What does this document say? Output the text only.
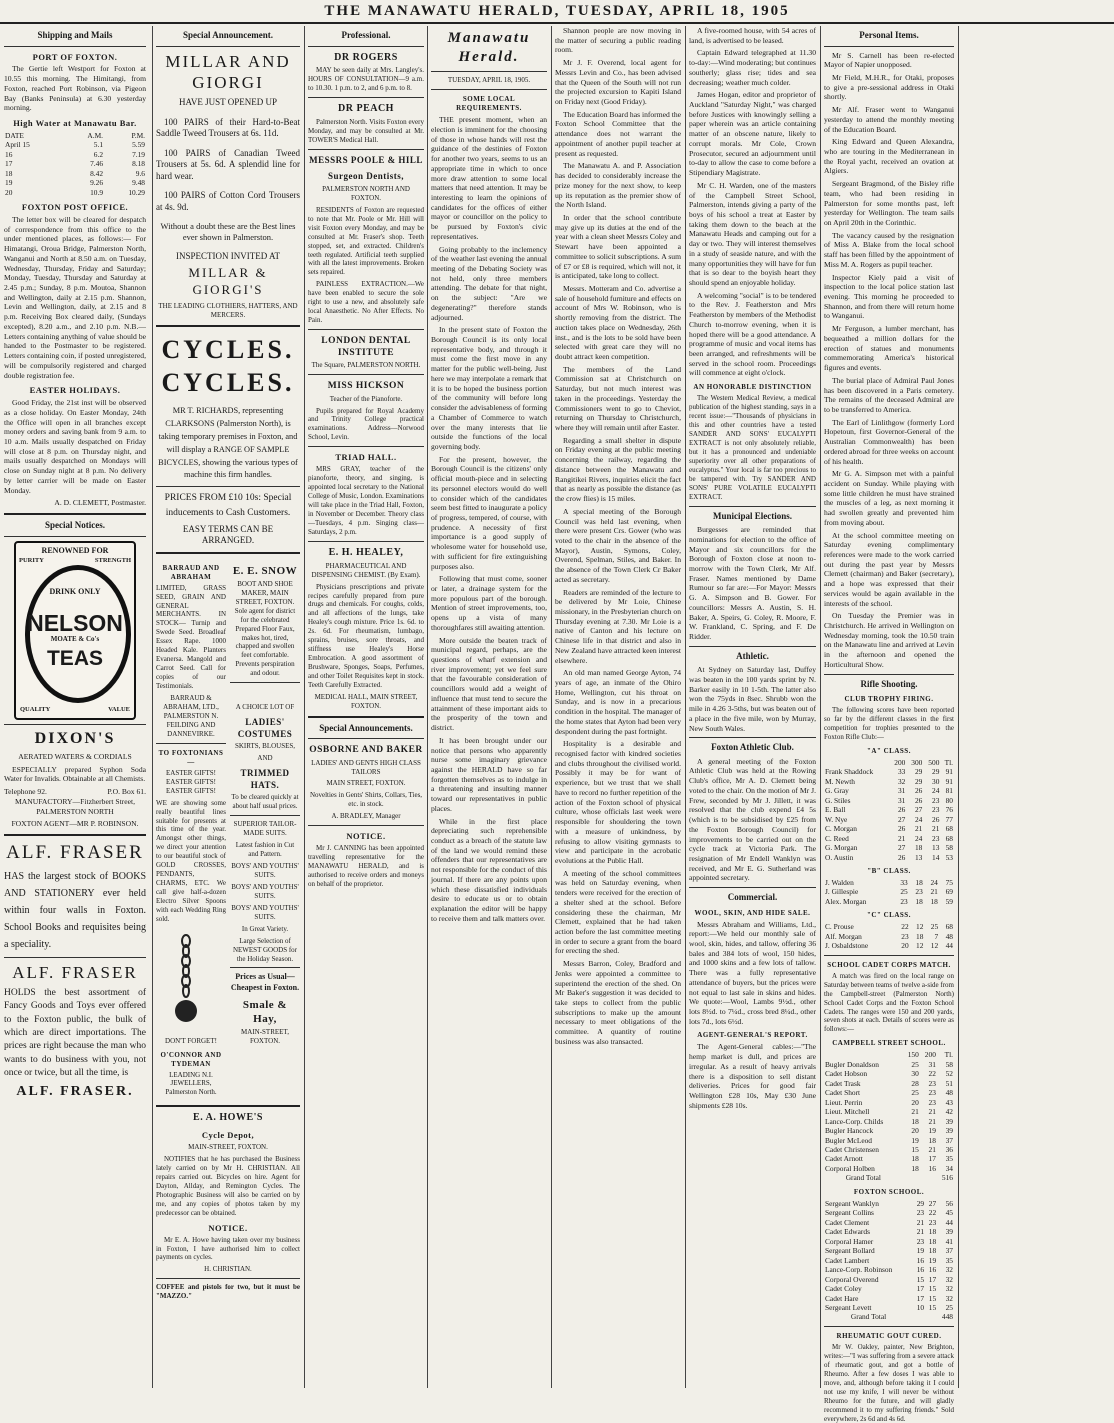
THE MANAWATU HERALD, TUESDAY, APRIL 18, 1905
Shipping and Mails
PORT OF FOXTON.

The Gertie left Westport for Foxton at 10.55 this morning. The Himitangi, from Foxton, reached Port Robinson, via Pigeon Bay (Banks Peninsula) at 6.30 yesterday morning.

High Water at Manawatu Bar.
DATE	A.M.	P.M.
April 15	5.1	5.59
16	6.2	7.19
17	7.46	8.18
18	8.42	9.6
19	9.26	9.48
20	10.9	10.29
FOXTON POST OFFICE.

The letter box will be cleared for despatch of correspondence from this office to the under mentioned places, as follows:— For Himatangi, Oroua Bridge, Palmerston North, Wanganui and North at 8.50 a.m. on Tuesday, Wednesday, Thursday, Friday and Saturday; Monday, Tuesday, Thursday and Saturday at 2.45 p.m.; Sunday, 8 p.m. Moutoa, Shannon and Wellington, daily at 2.15 p.m. Shannon, Levin and Wellington, daily, at 2.15 and 8 p.m. Receiving Box cleared daily, (Sundays excepted), 8.20 a.m., and 2.10 p.m. N.B.—Letters containing anything of value should be handed to the Postmaster to be registered. Letters containing coin, if posted unregistered, will be compulsorily registered and charged double registration fee.

EASTER HOLIDAYS.

Good Friday, the 21st inst will be observed as a close holiday. On Easter Monday, 24th the Office will open in all branches except money orders and saving bank from 9 a.m. to 10 a.m. Mails usually despatched on Friday will close at 8 p.m. on Thursday night, and mails usually despatched on Mondays will close on Sunday night at 8 p.m. No delivery by letter carrier will be made on Easter Monday.

A. D. CLEMETT, Postmaster.

Special Notices.
RENOWNED FOR
PURITY	STRENGTH
DRINK ONLY
NELSON
MOATE & Co's
TEAS
QUALITY	VALUE
DIXON'S

AERATED WATERS & CORDIALS

ESPECIALLY prepared Syphon Soda Water for Invalids. Obtainable at all Chemists.

Telephone 92.	P.O. Box 61.

MANUFACTORY—Fitzherbert Street, PALMERSTON NORTH

FOXTON AGENT—MR P. ROBINSON.

ALF. FRASER

HAS the largest stock of BOOKS AND STATIONERY ever held within four walls in Foxton. School Books and requisites being a speciality.

ALF. FRASER

HOLDS the best assortment of Fancy Goods and Toys ever offered to the Foxton public, the bulk of which are direct importations. The prices are right because the man who wants to do business with you, not once or twice, but all the time, is

ALF. FRASER.
Special Announcement.
MILLAR AND GIORGI
HAVE JUST OPENED UP

100 PAIRS of their Hard-to-Beat Saddle Tweed Trousers at 6s. 11d.

100 PAIRS of Canadian Tweed Trousers at 5s. 6d. A splendid line for hard wear.

100 PAIRS of Cotton Cord Trousers at 4s. 9d.

Without a doubt these are the Best lines ever shown in Palmerston.

INSPECTION INVITED AT
MILLAR & GIORGI'S

THE LEADING CLOTHIERS, HATTERS, AND MERCERS.

CYCLES. CYCLES.

MR T. RICHARDS, representing CLARKSONS (Palmerston North), is taking temporary premises in Foxton, and will display a RANGE OF SAMPLE BICYCLES, showing the various types of machine this firm handles.

PRICES FROM £10 10s: Special inducements to Cash Customers.

EASY TERMS CAN BE ARRANGED.

BARRAUD AND ABRAHAM

LIMITED, GRASS SEED, GRAIN AND GENERAL MERCHANTS. IN STOCK— Turnip and Swede Seed. Broadleaf Essex Rape. 1000 Headed Kale. Planters Evanersa. Mangold and Carrot Seed. Call for copies of our Testimonials.

BARRAUD & ABRAHAM, LTD., PALMERSTON N. FEILDING AND DANNEVIRKE.

TO FOXTONIANS—

EASTER GIFTS! EASTER GIFTS! EASTER GIFTS!

WE are showing some really beautiful lines suitable for presents at this time of the year. Amongst other things, we direct your attention to our beautiful stock of GOLD CROSSES, PENDANTS, CHARMS, ETC. We call give half-a-dozen Electro Silver Spoons with each Wedding Ring sold.

DON'T FORGET!

O'CONNOR AND TYDEMAN

LEADING N.I. JEWELLERS, Palmerston North.

E. E. SNOW

BOOT AND SHOE MAKER, MAIN STREET, FOXTON. Sole agent for district for the celebrated Prepared Floor Faux, makes hot, tired, chapped and swollen feet comfortable. Prevents perspiration and odour.

A CHOICE LOT OF

LADIES' COSTUMES

SKIRTS, BLOUSES,

AND

TRIMMED HATS.

To be cleared quickly at about half usual prices.

SUPERIOR TAILOR-MADE SUITS.

Latest fashion in Cut and Pattern.

BOYS' AND YOUTHS' SUITS.

BOYS' AND YOUTHS' SUITS.

BOYS' AND YOUTHS' SUITS.

In Great Variety.

Large Selection of NEWEST GOODS for the Holiday Season.

Prices as Usual—Cheapest in Foxton.

Smale & Hay,

MAIN-STREET, FOXTON.

E. A. HOWE'S
Cycle Depot,

MAIN-STREET, FOXTON.

NOTIFIES that he has purchased the Business lately carried on by Mr H. CHRISTIAN. All repairs carried out. Bicycles on hire. Agent for Dayton, Allday, and Remington Cycles. The Photographic Business will also be carried on by me, and any copies of photos taken by my predecessor can be obtained.

NOTICE.

Mr E. A. Howe having taken over my business in Foxton, I have authorised him to collect payments on cycles.

H. CHRISTIAN.

COFFEE and pistols for two, but it must be "MAZZO."

Professional.
DR ROGERS

MAY be seen daily at Mrs. Langley's. HOURS OF CONSULTATION—9 a.m. to 10.30. 1 p.m. to 2, and 6 p.m. to 8.

DR PEACH

Palmerston North. Visits Foxton every Monday, and may be consulted at Mr. TOWER'S Medical Hall.

MESSRS POOLE & HILL
Surgeon Dentists,

PALMERSTON NORTH AND FOXTON.

RESIDENTS of Foxton are requested to note that Mr. Poole or Mr. Hill will visit Foxton every Monday, and may be consulted at Mr. Fraser's shop. Teeth stopped, set, and extracted. Children's teeth regulated. Artificial teeth supplied with all the latest improvements. Broken sets repaired.

PAINLESS EXTRACTION.—We have been enabled to secure the sole right to use a new, and absolutely safe local Anaesthetic. No After Effects. No Pain.

LONDON DENTAL INSTITUTE

The Square, PALMERSTON NORTH.

MISS HICKSON

Teacher of the Pianoforte.

Pupils prepared for Royal Academy and Trinity College practical examinations. Address—Norwood School, Levin.

TRIAD HALL.

MRS GRAY, teacher of the pianoforte, theory, and singing, is appointed local secretary to the National College of Music, London. Examinations will take place in the Triad Hall, Foxton, in November or December. Theory class—Tuesdays, 4 p.m. Singing class—Saturdays, 2 p.m.

E. H. HEALEY,

PHARMACEUTICAL AND DISPENSING CHEMIST. (By Exam).

Physicians prescriptions and private recipes carefully prepared from pure drugs and chemicals. For coughs, colds, and all affections of the lungs, take Healey's cough mixture. Price 1s. 6d. to 2s. 6d. For rheumatism, lumbago, sprains, bruises, sore throats, and stiffness use Healey's Horse Embrocation. A good assortment of Brushware, Sponges, Soaps, Perfumes, and other Toilet Requisites kept in stock. Teeth Carefully Extracted.

MEDICAL HALL, MAIN STREET, FOXTON.

Special Announcements.
OSBORNE AND BAKER

LADIES' AND GENTS HIGH CLASS TAILORS

MAIN STREET, FOXTON.

Novelties in Gents' Shirts, Collars, Ties, etc. in stock.

A. BRADLEY, Manager

NOTICE.

Mr J. CANNING has been appointed travelling representative for the MANAWATU HERALD, and is authorised to receive orders and moneys on behalf of the proprietor.

Manawatu Herald.

TUESDAY, APRIL 18, 1905.

SOME LOCAL REQUIREMENTS.

THE present moment, when an election is imminent for the choosing of those in whose hands will rest the guidance of the destinies of Foxton for another two years, seems to us an appropriate time in which to once more draw attention to some local matters that need attention. It may be interesting to learn the opinions of candidates for the offices of either mayor or councillor on the policy to be pursued by Foxton's civic representatives.

Going probably to the inclemency of the weather last evening the annual meeting of the Debating Society was not held, only three members attending. The debate for that night, on the subject: "Are we degenerating?" therefore stands adjourned.

In the present state of Foxton the Borough Council is its only local representative body, and through it must come the first move in any matter for the public well-being. Just here we may interpolate a remark that it is to be hoped the business portion of the community will before long consider the advisableness of forming a Chamber of Commerce to watch over the many interests that lie outside the functions of the local governing body.

For the present, however, the Borough Council is the citizens' only official mouth-piece and in selecting its personnel electors would do well to consider which of the candidates seem best fitted to inaugurate a policy of progress, tempered, of course, with prudence. A necessity of first importance is a good supply of wholesome water for household use, with sufficient for fire extinguishing purposes also.

Following that must come, sooner or later, a drainage system for the more populous part of the borough. Mention of street improvements, too, opens up a vista of many thoroughfares still awaiting attention.

More outside the beaten track of municipal regard, perhaps, are the questions of wharf extension and river improvement; yet we feel sure that the favourable consideration of councillors would add a weight of influence that must tend to secure the attainment of these important aids to the prosperity of the town and district.

It has been brought under our notice that persons who apparently nurse some imaginary grievance against the HERALD have so far forgotten themselves as to indulge in a threatening and insulting manner toward our representatives in public places.

While in the first place depreciating such reprehensible conduct as a breach of the statute law of the land we would remind these offenders that our representatives are not responsible for the conduct of this journal. If there are any points upon which these dissatisfied individuals desire to educate us or to obtain explanation the editor will be happy to receive them and talk matters over.

Shannon people are now moving in the matter of securing a public reading room.

Mr J. F. Overend, local agent for Messrs Levin and Co., has been advised that the Queen of the South will not run the projected excursion to Kapiti Island on Friday next (Good Friday).

The Education Board has informed the Foxton School Committee that the attendance does not warrant the appointment of another pupil teacher at present as requested.

The Manawatu A. and P. Association has decided to considerably increase the prize money for the next show, to keep up its reputation as the premier show of the North Island.

In order that the school contribute may give up its duties at the end of the year with a clean sheet Messrs Coley and Stewart have been appointed a committee to solicit subscriptions. A sum of £7 or £8 is required, which will not, it is anticipated, take long to collect.

Messrs. Motteram and Co. advertise a sale of household furniture and effects on account of Mrs W. Robinson, who is shortly removing from the district. The auction takes place on Wednesday, 26th inst., and is the lots to be sold have been selected with great care they will no doubt attract keen competition.

The members of the Land Commission sat at Christchurch on Saturday, but not much interest was taken in the proceedings. Yesterday the Commissioners went to go to Cheviot, returning on Thursday to Christchurch, where they will remain until after Easter.

Regarding a small shelter in dispute on Friday evening at the public meeting concerning the railway, regarding the distance between the Manawatu and Rangitikei Rivers, inquiries elicit the fact that as nearly as possible the distance (as the crow flies) is 15 miles.

A special meeting of the Borough Council was held last evening, when there were present Crs. Gower (who was voted to the chair in the absence of the Mayor), Austin, Symons, Coley, Overend, Spelman, Stiles, and Baker. In the absence of the Town Clerk Cr Baker acted as secretary.

Readers are reminded of the lecture to be delivered by Mr Loie, Chinese missionary, in the Presbyterian church on Thursday evening at 7.30. Mr Loie is a native of Canton and his lecture on Chinese life in that district and also in New Zealand have attracted keen interest elsewhere.

An old man named George Ayton, 74 years of age, an inmate of the Ohiro Home, Wellington, cut his throat on Sunday, and is now in a precarious condition in the hospital. The manager of the home states that Ayton had been very despondent during the past fortnight.

Hospitality is a desirable and recognised factor with kindred societies and clubs throughout the civilised world. Possibly it may be for want of experience, but we trust that we shall have to record no further repetition of the action of the Foxton school of physical culture, whose officials last week were responsible for shouldering the town with a measure of unkindness, by refusing to allow visiting gymnasts to view and participate in the acrobatic evolutions at the Public Hall.

A meeting of the school committees was held on Saturday evening, when tenders were received for the erection of a shelter shed at the school. Before considering these the chairman, Mr Clemett, explained that he had taken action before the last committee meeting in order to secure a grant from the board for erecting the shed.

Messrs Barron, Coley, Bradford and Jenks were appointed a committee to superintend the erection of the shed. On Mr Baker's suggestion it was decided to take steps to collect from the public subscriptions to make up the amount necessary to meet obligations of the committee. A quantity of routine business was also transacted.

A five-roomed house, with 54 acres of land, is advertised to be leased.

Captain Edward telegraphed at 11.30 to-day:—Wind moderating; but continues southerly; glass rise; tides and sea decreasing; weather much colder.

James Hogan, editor and proprietor of Auckland "Saturday Night," was charged before Justices with knowingly selling a paper wherein was an article containing matter of an obscene nature, likely to corrupt morals. Mr Cole, Crown Prosecutor, secured an adjournment until to-day to allow the case to come before a Stipendiary Magistrate.

Mr C. H. Warden, one of the masters of the Campbell Street School, Palmerston, intends giving a party of the boys of his school a treat at Easter by taking them down to the beach at the Manawatu Heads and camping out for a day or two. They will interest themselves in a study of seaside nature, and with the many opportunities they will have for fun that is so dear to the boyish heart they should spend an enjoyable holiday.

A welcoming "social" is to be tendered to the Rev. J. Featherston and Mrs Featherston by members of the Methodist Church to-morrow evening, when it is hoped there will be a good attendance. A programme of music and vocal items has been arranged, and refreshments will be served in the school room. Proceedings will commence at eight o'clock.

AN HONORABLE DISTINCTION

The Western Medical Review, a medical publication of the highest standing, says in a recent issue:—"Thousands of physicians in this and other countries have a tested SANDER AND SONS' EUCALYPTI EXTRACT is not only absolutely reliable, but it has a pronounced and undeniable superiority over all other preparations of eucalyptus." Your local is far too precious to be tampered with. Try SANDER AND SONS' PURE VOLATILE EUCALYPTI EXTRACT.

Municipal Elections.

Burgesses are reminded that nominations for election to the office of Mayor and six councillors for the Borough of Foxton close at noon to-morrow with the Town Clerk, Mr Alf. Fraser. Names mentioned by Dame Rumour so far are:—For Mayor: Messrs G. A. Simpson and B. Gower. For councillors: Messrs A. Austin, S. H. Baker, A. Speirs, G. Coley, R. Moore, F. W. Frankland, C. Spring, and F. De Ridder.

Athletic.

At Sydney on Saturday last, Duffey was beaten in the 100 yards sprint by N. Barker easily in 10 1-5th. The latter also won the 75yds in 8sec. Shrubb won the mile in 4.26 3-5ths, but was beaten out of a place in the five mile, won by Murray, New South Wales.

Foxton Athletic Club.

A general meeting of the Foxton Athletic Club was held at the Rowing Club's office, Mr A. D. Clemett being voted to the chair. On the motion of Mr J. Frew, seconded by Mr J. Jillett, it was resolved that the club expend £4 5s (which is to be subsidised by £25 from the Foxton Borough Council) for improvements to be carried out on the cycle track at Victoria Park. The resignation of Mr Endell Wanklyn was received, and Mr E. G. Sutherland was appointed secretary.

Commercial.
WOOL, SKIN, AND HIDE SALE.

Messrs Abraham and Williams, Ltd., report:—We held our monthly sale of wool, skin, hides, and tallow, offering 36 bales and 384 lots of wool, 150 hides, and 1000 skins and a few lots of tallow. There was a fully representative attendance of buyers, but the prices were not equal to last sale in skins and hides. We quote:—Wool, Lambs 9½d., other lots 8½d. to 7¼d., cross bred 8¼d., other lots 7d., lots 6½d.

AGENT-GENERAL'S REPORT.

The Agent-General cables:—"The hemp market is dull, and prices are irregular. As a result of heavy arrivals there is a disposition to sell distant deliveries. Prices for good fair Wellington £28 10s, May £30 June shipments £28 10s.

Personal Items.

Mr S. Carnell has been re-elected Mayor of Napier unopposed.

Mr Field, M.H.R., for Otaki, proposes to give a pre-sessional address in Otaki shortly.

Mr Alf. Fraser went to Wanganui yesterday to attend the monthly meeting of the Education Board.

King Edward and Queen Alexandra, who are touring in the Mediterranean in the Royal yacht, received an ovation at Algiers.

Sergeant Bragmond, of the Bisley rifle team, who had been residing in Palmerston for some months past, left yesterday for Wellington. The team sails on April 20th in the Corinthic.

The vacancy caused by the resignation of Miss A. Blake from the local school staff has been filled by the appointment of Miss M. A. Rogers as pupil teacher.

Inspector Kiely paid a visit of inspection to the local police station last evening. This morning he proceeded to Shannon, and from there will return home to Wanganui.

Mr Ferguson, a lumber merchant, has bequeathed a million dollars for the erection of statues and monuments commemorating America's historical figures and events.

The burial place of Admiral Paul Jones has been discovered in a Paris cemetery. The remains of the deceased Admiral are to be transferred to America.

The Earl of Linlithgow (formerly Lord Hopetoun, first Governor-General of the Australian Commonwealth) has been ordered abroad for three weeks on account of his health.

Mr G. A. Simpson met with a painful accident on Sunday. While playing with some little children he must have strained the muscles of a leg, as next morning it had swollen greatly and prevented him from moving about.

At the school committee meeting on Saturday evening complimentary references were made to the work carried out during the past year by Messrs Clemett (chairman) and Baker (secretary), and a hope was expressed that their services would be again available in the interests of the school.

On Tuesday the Premier was in Christchurch. He arrived in Wellington on Wednesday morning, took the 10.50 train on the Manawatu line and arrived at Levin in the afternoon and opened the Horticultural Show.

Rifle Shooting.
CLUB TROPHY FIRING.

The following scores have been reported so far by the different classes in the first competition for trophies presented to the Foxton Rifle Club:—

"A" CLASS.
	200	300	500	Tl.
Frank Shaddock	33	29	29	91
M. Newth	32	29	30	91
G. Gray	31	26	24	81
G. Stiles	31	26	23	80
E. Ball	26	27	23	76
W. Nye	27	24	26	77
C. Morgan	26	21	21	68
C. Reed	21	24	23	68
G. Morgan	27	18	13	58
O. Austin	26	13	14	53
"B" CLASS.
J. Walden	33	18	24	75
J. Gillespie	25	23	21	69
Alex. Morgan	23	18	18	59
"C" CLASS.
C. Prouse	22	12	25	68
Alf. Morgan	23	18	7	48
J. Osbaldstone	20	12	12	44
SCHOOL CADET CORPS MATCH.

A match was fired on the local range on Saturday between teams of twelve a-side from the Campbell-street (Palmerston North) School Cadet Corps and the Foxton School Cadets. The ranges were 150 and 200 yards, seven shots at each. Details of scores were as follows:—

CAMPBELL STREET SCHOOL.
	150	200	Tl.
Bugler Donaldson	25	31	58
Cadet Hobson	30	22	52
Cadet Trask	28	23	51
Cadet Short	25	23	48
Lieut. Perrin	20	23	43
Lieut. Mitchell	21	21	42
Lance-Corp. Childs	18	21	39
Bugler Hancock	20	19	39
Bugler McLeod	19	18	37
Cadet Christensen	15	21	36
Cadet Arnott	18	17	35
Corporal Holben	18	16	34
Grand Total			516
FOXTON SCHOOL.
Sergeant Wanklyn	29	27	56
Sergeant Collins	23	22	45
Cadet Clement	21	23	44
Cadet Edwards	21	18	39
Corporal Hamer	23	18	41
Sergeant Bollard	19	18	37
Cadet Lambert	16	19	35
Lance-Corp. Robinson	16	16	32
Corporal Overend	15	17	32
Cadet Coley	17	15	32
Cadet Hare	17	15	32
Sergeant Levett	10	15	25
Grand Total			448
RHEUMATIC GOUT CURED.

Mr W. Oakley, painter, New Brighton, writes:—"I was suffering from a severe attack of rheumatic gout, and got a bottle of Rheumo. After a few doses I was able to move, and, although before taking it I could not use my knife, I will never be without Rheumo for the future, and will gladly recommend it to my suffering friends." Sold everywhere, 2s 6d and 4s 6d.
